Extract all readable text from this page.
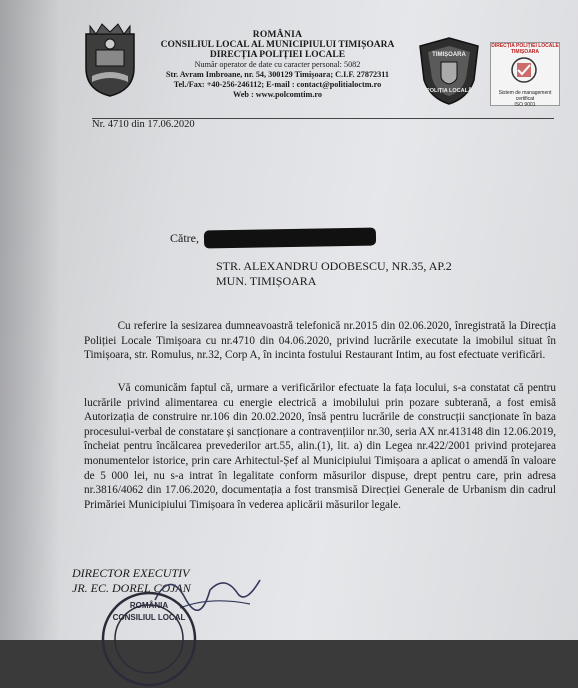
ROMÂNIA
CONSILIUL LOCAL AL MUNICIPIULUI TIMIȘOARA
DIRECȚIA POLIȚIEI LOCALE
Număr operator de date cu caracter personal: 5082
Str. Avram Imbroane, nr. 54, 300129 Timișoara; C.I.F. 27872311
Tel./Fax: +40-256-246112; E-mail : contact@politialoctm.ro
Web : www.polcomtim.ro
TIMIȘOARA
POLIȚIA LOCALĂ
DIRECȚIA POLIȚIEI LOCALE TIMIȘOARA
Sistem de management certificat
ISO 9001
Nr. 4710 din 17.06.2020
Către,
STR. ALEXANDRU ODOBESCU, NR.35, AP.2
MUN. TIMIȘOARA
   Cu referire la sesizarea dumneavoastră telefonică nr.2015 din 02.06.2020, înregistrată la Direcția Poliției Locale Timișoara cu nr.4710 din 04.06.2020, privind lucrările executate la imobilul situat în Timișoara, str. Romulus, nr.32, Corp A, în incinta fostului Restaurant Intim, au fost efectuate verificări.
   Vă comunicăm faptul că, urmare a verificărilor efectuate la fața locului, s-a constatat că pentru lucrările privind alimentarea cu energie electrică a imobilului prin pozare subterană, a fost emisă Autorizația de construire nr.106 din 20.02.2020, însă pentru lucrările de construcții sancționate în baza procesului-verbal de constatare și sancționare a contravențiilor nr.30, seria AX nr.413148 din 12.06.2019, încheiat pentru încălcarea prevederilor art.55, alin.(1), lit. a) din Legea nr.422/2001 privind protejarea monumentelor istorice, prin care Arhitectul-Șef al Municipiului Timișoara a aplicat o amendă în valoare de 5 000 lei, nu s-a intrat în legalitate conform măsurilor dispuse, drept pentru care, prin adresa nr.3816/4062 din 17.06.2020, documentația a fost transmisă Direcției Generale de Urbanism din cadrul Primăriei Municipiului Timișoara în vederea aplicării măsurilor legale.
DIRECTOR EXECUTIV
JR. EC. DOREL COJAN
ROMÂNIA
CONSILIUL LOCAL
